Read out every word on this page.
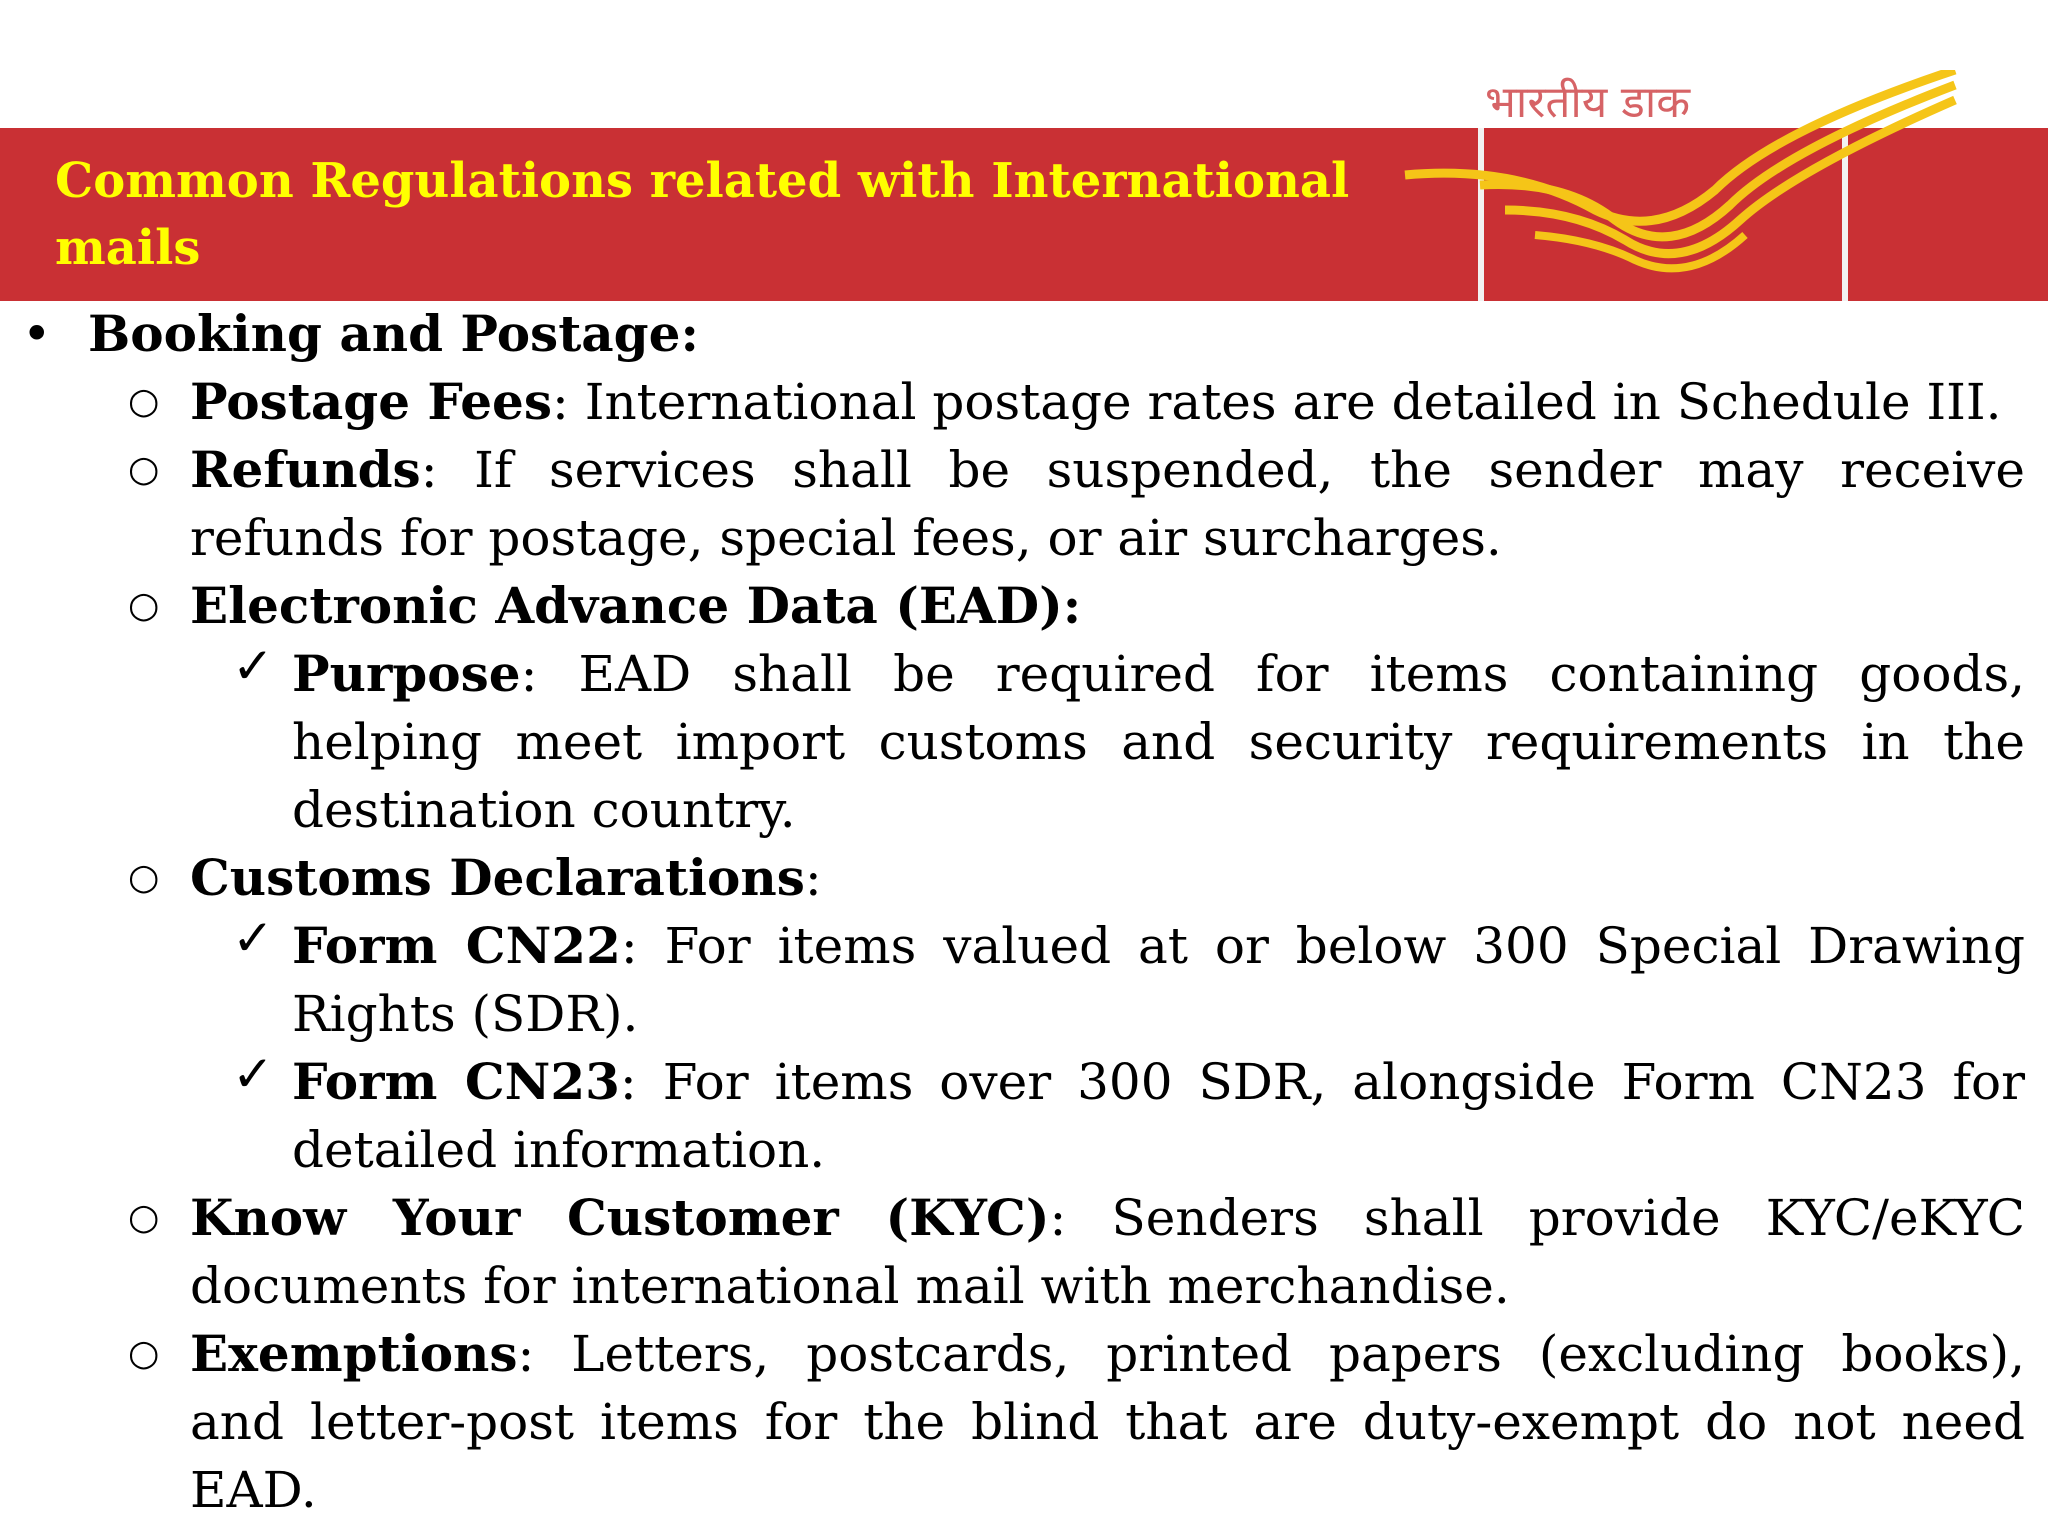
भारतीय डाक
Common Regulations related with International
mails
• Booking and Postage:
○ Postage Fees: International postage rates are detailed in Schedule III.
○ Refunds: If services shall be suspended, the sender may receive
refunds for postage, special fees, or air surcharges.
○ Electronic Advance Data (EAD):
✓ Purpose: EAD shall be required for items containing goods,
helping meet import customs and security requirements in the
destination country.
○ Customs Declarations:
✓ Form CN22: For items valued at or below 300 Special Drawing
Rights (SDR).
✓ Form CN23: For items over 300 SDR, alongside Form CN23 for
detailed information.
○ Know Your Customer (KYC): Senders shall provide KYC/eKYC
documents for international mail with merchandise.
○ Exemptions: Letters, postcards, printed papers (excluding books),
and letter-post items for the blind that are duty-exempt do not need
EAD.
